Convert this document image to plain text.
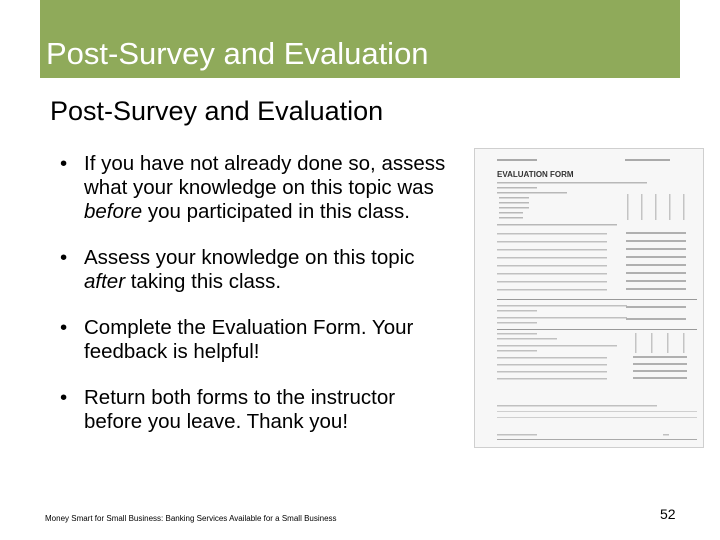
Post-Survey and Evaluation
Post-Survey and Evaluation
• If you have not already done so, assess what your knowledge on this topic was before you participated in this class.
• Assess your knowledge on this topic after taking this class.
• Complete the Evaluation Form. Your feedback is helpful!
• Return both forms to the instructor before you leave. Thank you!
EVALUATION FORM
Money Smart for Small Business: Banking Services Available for a Small Business	52
